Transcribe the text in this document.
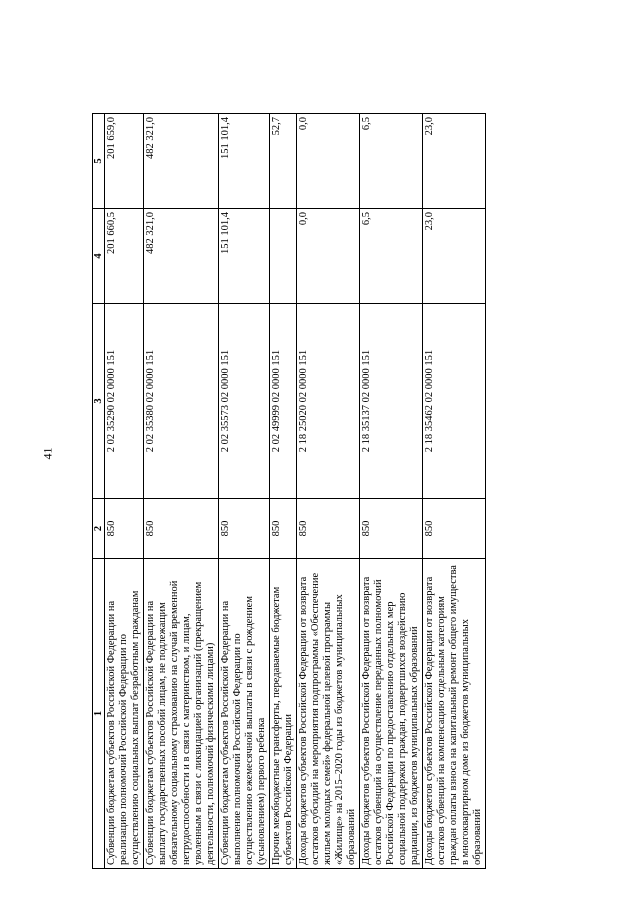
41
1	2	3	4	5
Субвенции бюджетам субъектов Российской Федерации на реализацию полномочий Российской Федерации по осуществлению социальных выплат безработным гражданам	850	2 02 35290 02 0000 151	201 660,5	201 659,0
Субвенции бюджетам субъектов Российской Федерации на выплату государственных пособий лицам, не подлежащим обязательному социальному страхованию на случай временной нетрудоспособности и в связи с материнством, и лицам, уволенным в связи с ликвидацией организаций (прекращением деятельности, полномочий физическими лицами)	850	2 02 35380 02 0000 151	482 321,0	482 321,0
Субвенции бюджетам субъектов Российской Федерации на выполнение полномочий Российской Федерации по осуществлению ежемесячной выплаты в связи с рождением (усыновлением) первого ребенка	850	2 02 35573 02 0000 151	151 101,4	151 101,4
Прочие межбюджетные трансферты, передаваемые бюджетам субъектов Российской Федерации	850	2 02 49999 02 0000 151		52,7
Доходы бюджетов субъектов Российской Федерации от возврата остатков субсидий на мероприятия подпрограммы «Обеспечение жильем молодых семей» федеральной целевой программы «Жилище» на 2015–2020 годы из бюджетов муниципальных образований	850	2 18 25020 02 0000 151	0,0	0,0
Доходы бюджетов субъектов Российской Федерации от возврата остатков субвенций на осуществление переданных полномочий Российской Федерации по предоставлению отдельных мер социальной поддержки граждан, подвергшихся воздействию радиации, из бюджетов муниципальных образований	850	2 18 35137 02 0000 151	6,5	6,5
Доходы бюджетов субъектов Российской Федерации от возврата остатков субвенций на компенсацию отдельным категориям граждан оплаты взноса на капитальный ремонт общего имущества в многоквартирном доме из бюджетов муниципальных образований	850	2 18 35462 02 0000 151	23,0	23,0
